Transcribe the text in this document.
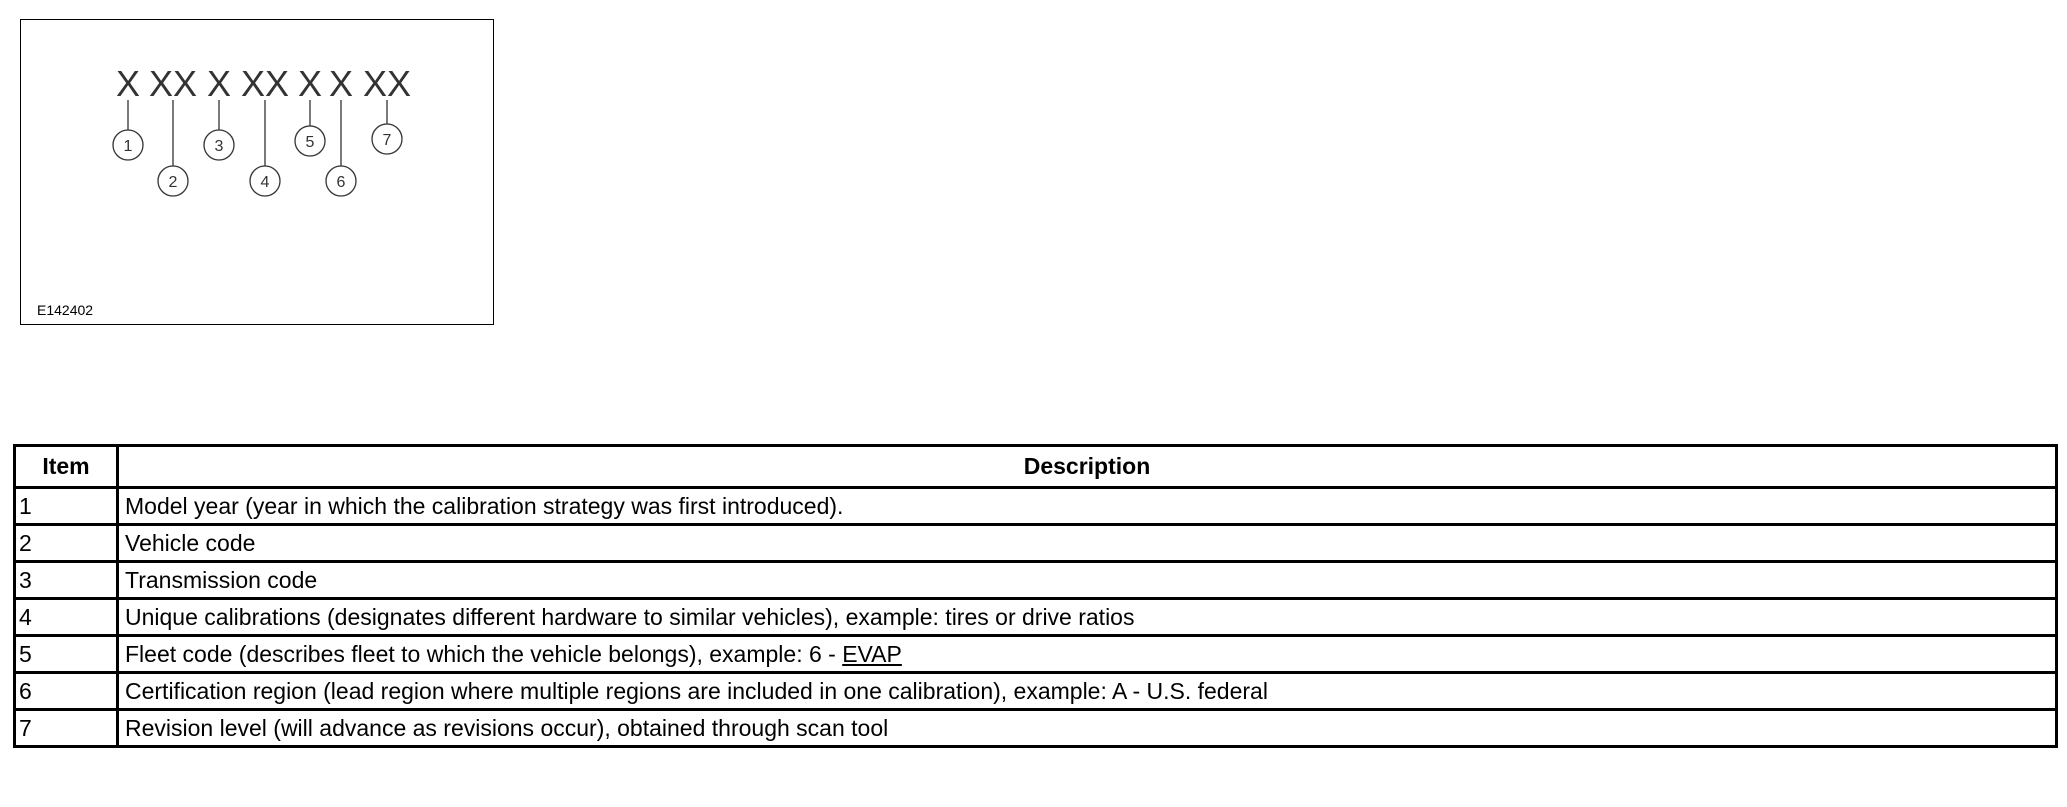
X XX X XX X X XX
1
2
3
4
5
6
7
E142402
Item	Description
1	Model year (year in which the calibration strategy was first introduced).
2	Vehicle code
3	Transmission code
4	Unique calibrations (designates different hardware to similar vehicles), example: tires or drive ratios
5	Fleet code (describes fleet to which the vehicle belongs), example: 6 - EVAP
6	Certification region (lead region where multiple regions are included in one calibration), example: A - U.S. federal
7	Revision level (will advance as revisions occur), obtained through scan tool
